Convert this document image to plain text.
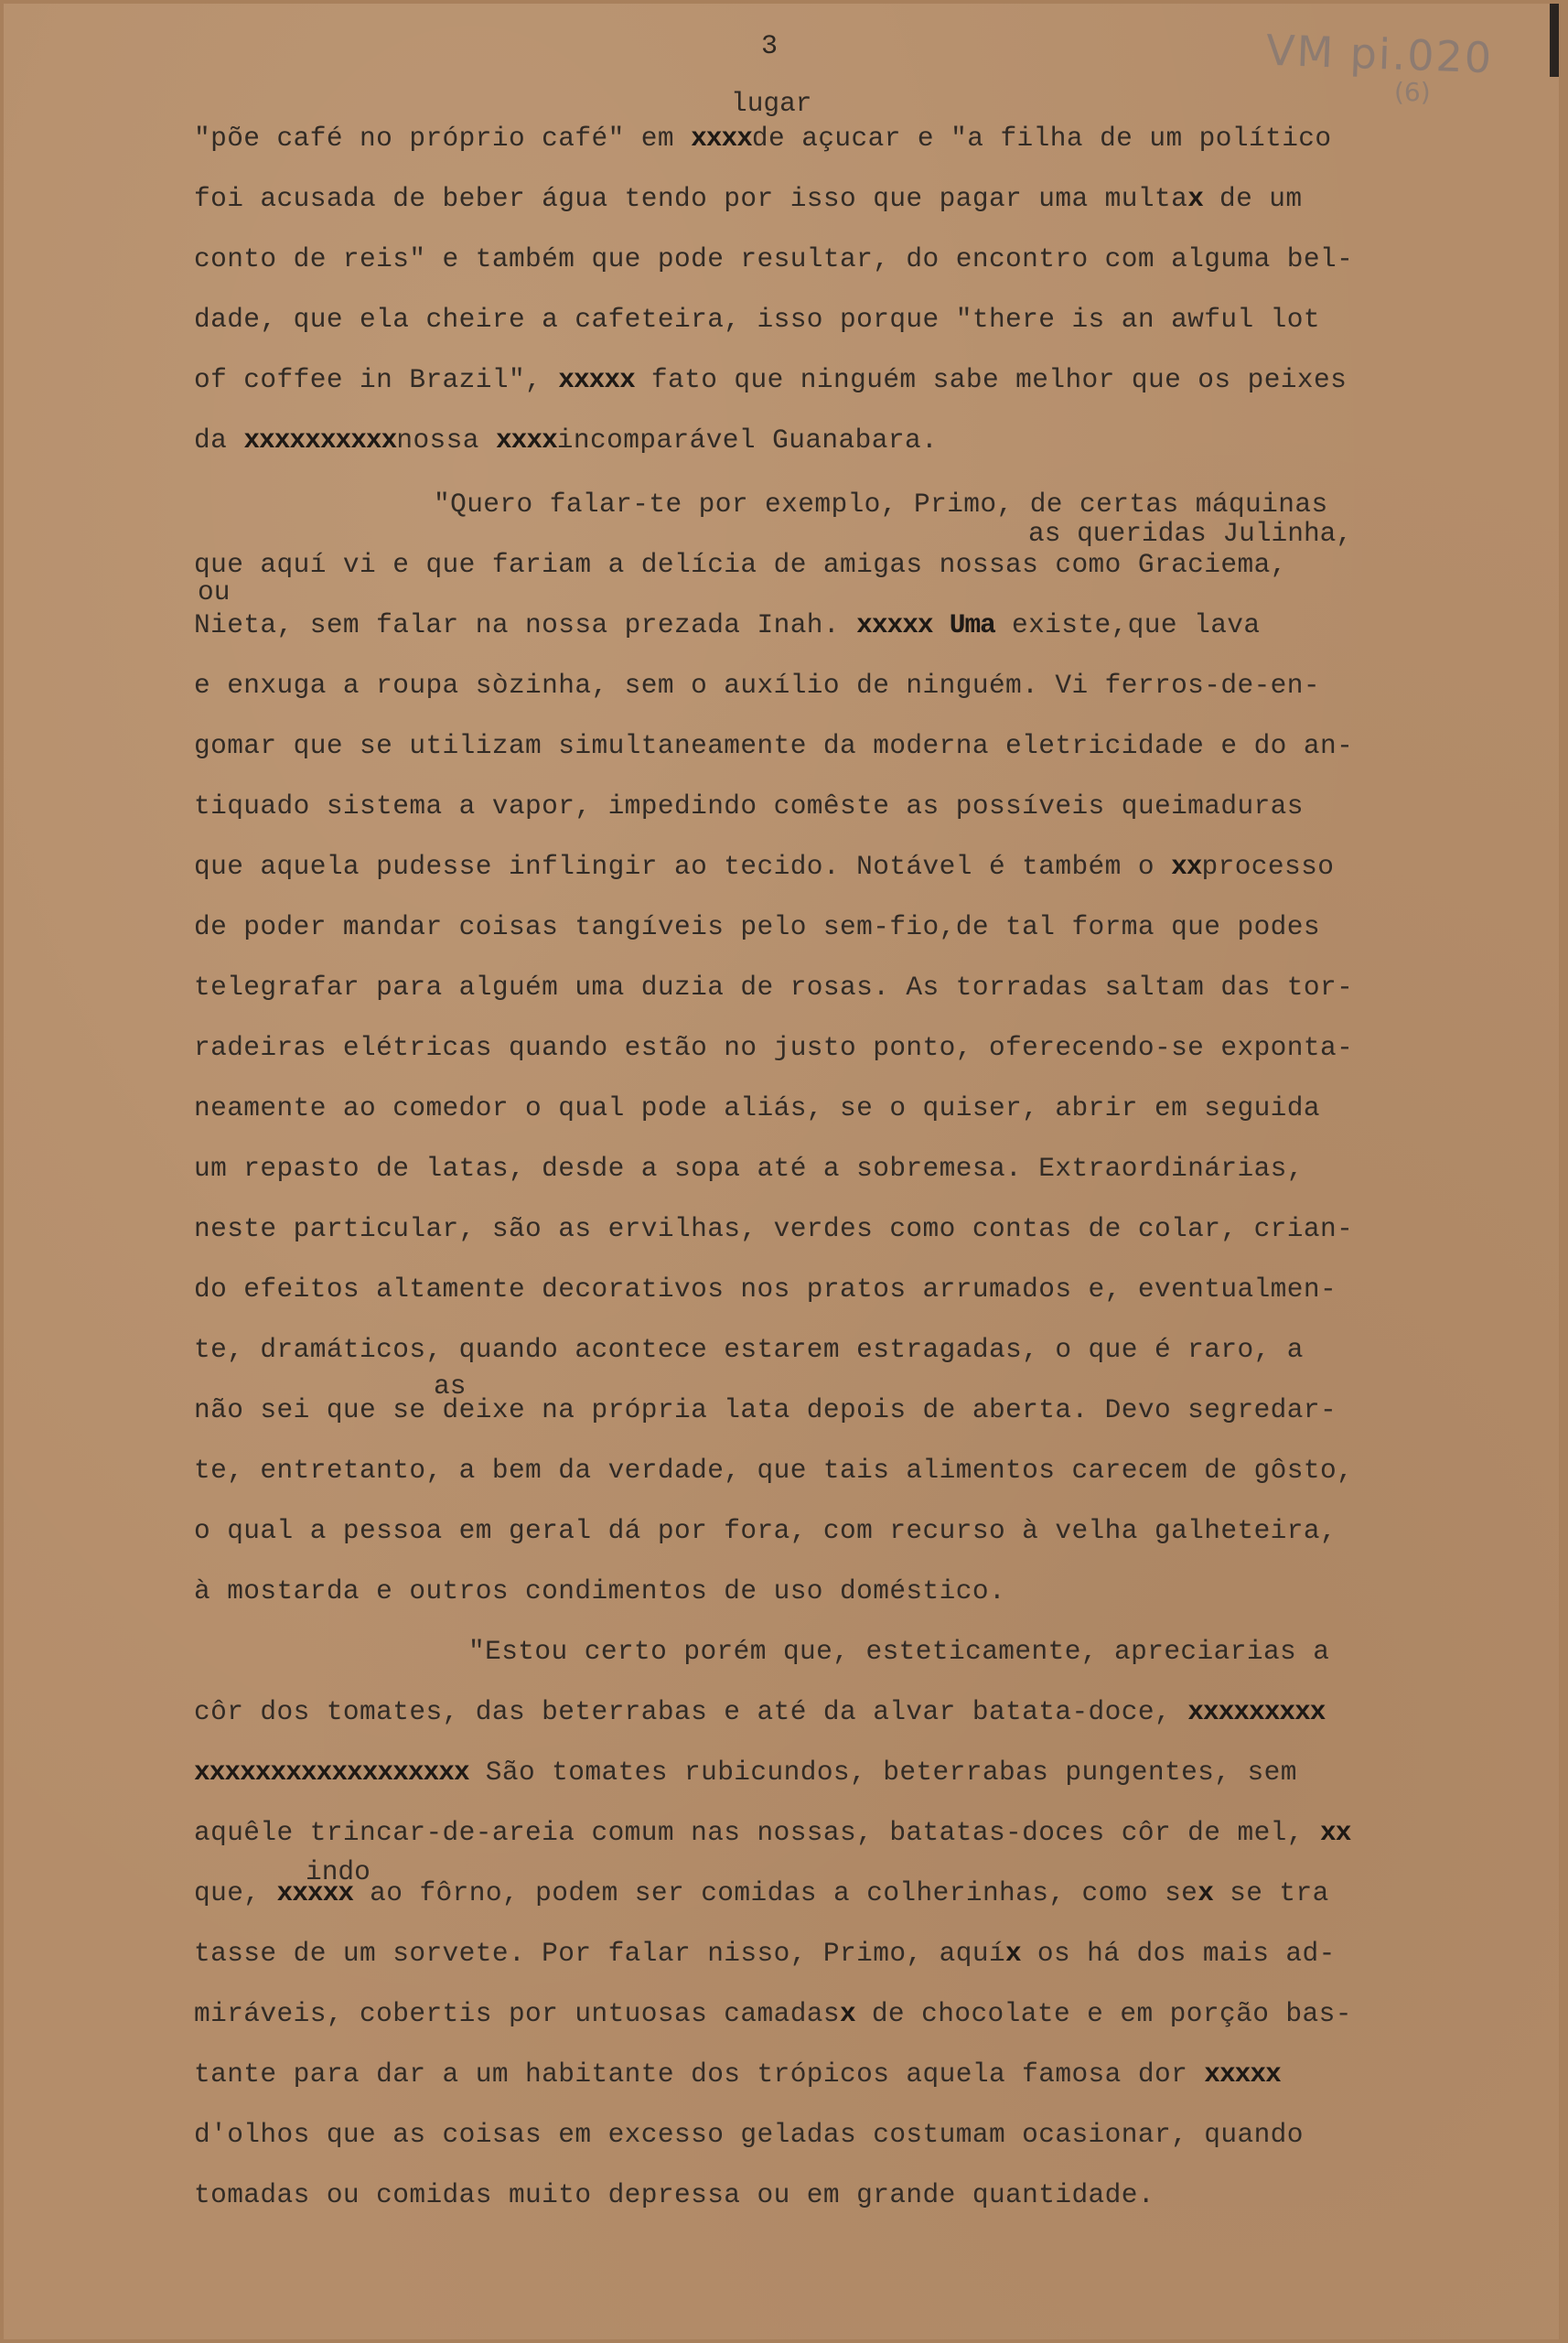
3	VM pi.020
(6)
lugar
as queridas Julinha,
ou
as
indo

"põe café no próprio café" em xxxxde açucar e "a filha de um político

foi acusada de beber água tendo por isso que pagar uma multax de um

conto de reis" e também que pode resultar, do encontro com alguma bel-

dade, que ela cheire a cafeteira, isso porque "there is an awful lot

of coffee in Brazil", xxxxx fato que ninguém sabe melhor que os peixes

da xxxxxxxxxxnossa xxxxincomparável Guanabara.

"Quero falar-te por exemplo, Primo, de certas máquinas

que aquí vi e que fariam a delícia de amigas nossas como Graciema,

Nieta, sem falar na nossa prezada Inah. xxxxx Uma existe,que lava

e enxuga a roupa sòzinha, sem o auxílio de ninguém. Vi ferros-de-en-

gomar que se utilizam simultaneamente da moderna eletricidade e do an-

tiquado sistema a vapor, impedindo comêste as possíveis queimaduras

que aquela pudesse inflingir ao tecido. Notável é também o xxprocesso

de poder mandar coisas tangíveis pelo sem-fio,de tal forma que podes

telegrafar para alguém uma duzia de rosas. As torradas saltam das tor-

radeiras elétricas quando estão no justo ponto, oferecendo-se exponta-

neamente ao comedor o qual pode aliás, se o quiser, abrir em seguida

um repasto de latas, desde a sopa até a sobremesa. Extraordinárias,

neste particular, são as ervilhas, verdes como contas de colar, crian-

do efeitos altamente decorativos nos pratos arrumados e, eventualmen-

te, dramáticos, quando acontece estarem estragadas, o que é raro, a

não sei que se deixe na própria lata depois de aberta. Devo segredar-

te, entretanto, a bem da verdade, que tais alimentos carecem de gôsto,

o qual a pessoa em geral dá por fora, com recurso à velha galheteira,

à mostarda e outros condimentos de uso doméstico.

"Estou certo porém que, esteticamente, apreciarias a

côr dos tomates, das beterrabas e até da alvar batata-doce, xxxxxxxxx

xxxxxxxxxxxxxxxxxx São tomates rubicundos, beterrabas pungentes, sem

aquêle trincar-de-areia comum nas nossas, batatas-doces côr de mel, xx

que, xxxxx ao fôrno, podem ser comidas a colherinhas, como sex se tra

tasse de um sorvete. Por falar nisso, Primo, aquíx os há dos mais ad-

miráveis, cobertis por untuosas camadasx de chocolate e em porção bas-

tante para dar a um habitante dos trópicos aquela famosa dor xxxxx

d'olhos que as coisas em excesso geladas costumam ocasionar, quando

tomadas ou comidas muito depressa ou em grande quantidade.
